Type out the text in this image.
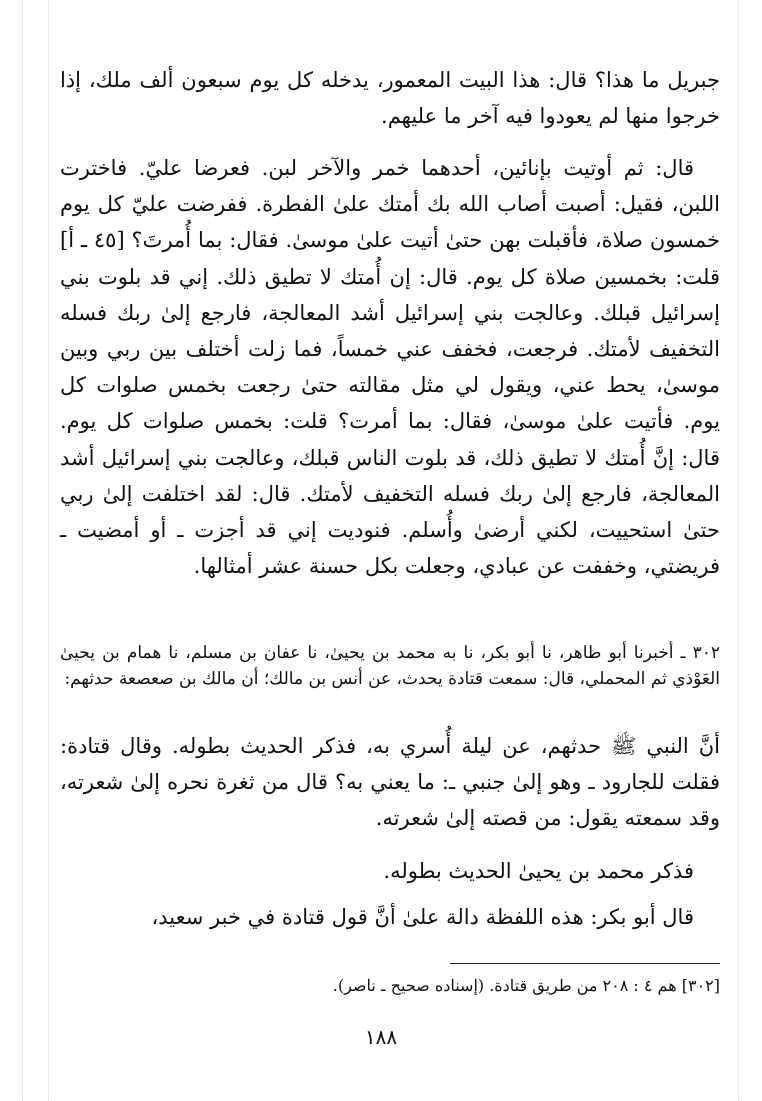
جبريل ما هذا؟ قال: هذا البيت المعمور، يدخله كل يوم سبعون ألف ملك، إذا خرجوا منها لم يعودوا فيه آخر ما عليهم.

قال: ثم أوتيت بإنائين، أحدهما خمر والآخر لبن. فعرضا عليّ. فاخترت اللبن، فقيل: أصبت أصاب الله بك أمتك علىٰ الفطرة. ففرضت عليّ كل يوم خمسون صلاة، فأقبلت بهن حتىٰ أتيت علىٰ موسىٰ. فقال: بما أُمرتَ؟ [٤٥ ـ أ] قلت: بخمسين صلاة كل يوم. قال: إن أُمتك لا تطيق ذلك. إني قد بلوت بني إسرائيل قبلك. وعالجت بني إسرائيل أشد المعالجة، فارجع إلىٰ ربك فسله التخفيف لأمتك. فرجعت، فخفف عني خمساً، فما زلت أختلف بين ربي وبين موسىٰ، يحط عني، ويقول لي مثل مقالته حتىٰ رجعت بخمس صلوات كل يوم. فأتيت علىٰ موسىٰ، فقال: بما أمرت؟ قلت: بخمس صلوات كل يوم. قال: إنَّ أُمتك لا تطيق ذلك، قد بلوت الناس قبلك، وعالجت بني إسرائيل أشد المعالجة، فارجع إلىٰ ربك فسله التخفيف لأمتك. قال: لقد اختلفت إلىٰ ربي حتىٰ استحييت، لكني أرضىٰ وأُسلم. فنوديت إني قد أجزت ـ أو أمضيت ـ فريضتي، وخففت عن عبادي، وجعلت بكل حسنة عشر أمثالها.

٣٠٢ ـ أخبرنا أبو طاهر، نا أبو بكر، نا به محمد بن يحيىٰ، نا عفان بن مسلم، نا همام بن يحيىٰ العَوْذي ثم المحملي، قال: سمعت قتادة يحدث، عن أنس بن مالك؛ أن مالك بن صعصعة حدثهم:

أنَّ النبي ﷺ حدثهم، عن ليلة أُسري به، فذكر الحديث بطوله. وقال قتادة: فقلت للجارود ـ وهو إلىٰ جنبي ـ: ما يعني به؟ قال من ثغرة نحره إلىٰ شعرته، وقد سمعته يقول: من قصته إلىٰ شعرته.

فذكر محمد بن يحيىٰ الحديث بطوله.

قال أبو بكر: هذه اللفظة دالة علىٰ أنَّ قول قتادة في خبر سعيد،

[٣٠٢] هم ٤ : ٢٠٨ من طريق قتادة. (إسناده صحيح ـ ناصر).
١٨٨
